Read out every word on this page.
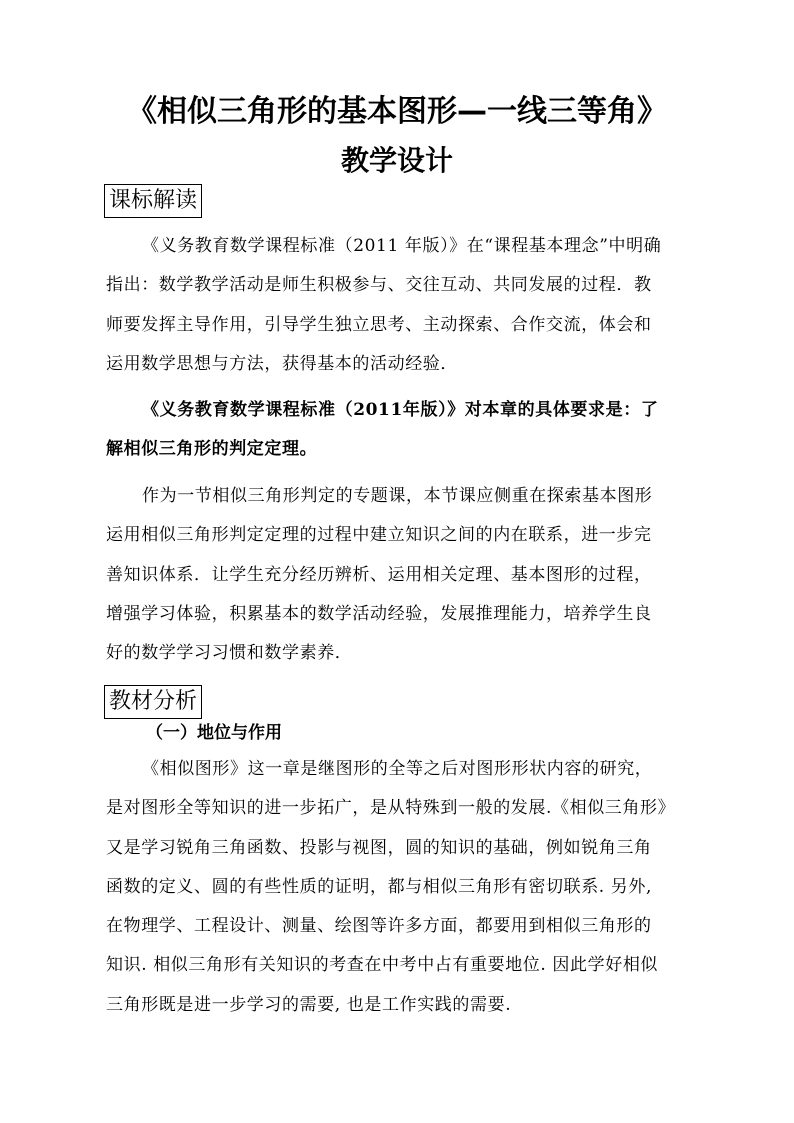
《相似三角形的基本图形—一线三等角》
教学设计
课标解读
《义务教育数学课程标准（2011 年版）》在“课程基本理念”中明确
指出：数学教学活动是师生积极参与、交往互动、共同发展的过程．教
师要发挥主导作用，引导学生独立思考、主动探索、合作交流，体会和
运用数学思想与方法，获得基本的活动经验．
《义务教育数学课程标准（2011年版）》对本章的具体要求是：了
解相似三角形的判定定理。
作为一节相似三角形判定的专题课，本节课应侧重在探索基本图形
运用相似三角形判定定理的过程中建立知识之间的内在联系，进一步完
善知识体系．让学生充分经历辨析、运用相关定理、基本图形的过程，
增强学习体验，积累基本的数学活动经验，发展推理能力，培养学生良
好的数学学习习惯和数学素养．
教材分析
（一）地位与作用
《相似图形》这一章是继图形的全等之后对图形形状内容的研究，
是对图形全等知识的进一步拓广，是从特殊到一般的发展.《相似三角形》
又是学习锐角三角函数、投影与视图，圆的知识的基础，例如锐角三角
函数的定义、圆的有些性质的证明，都与相似三角形有密切联系. 另外,
在物理学、工程设计、测量、绘图等许多方面，都要用到相似三角形的
知识. 相似三角形有关知识的考查在中考中占有重要地位. 因此学好相似
三角形既是进一步学习的需要, 也是工作实践的需要.
